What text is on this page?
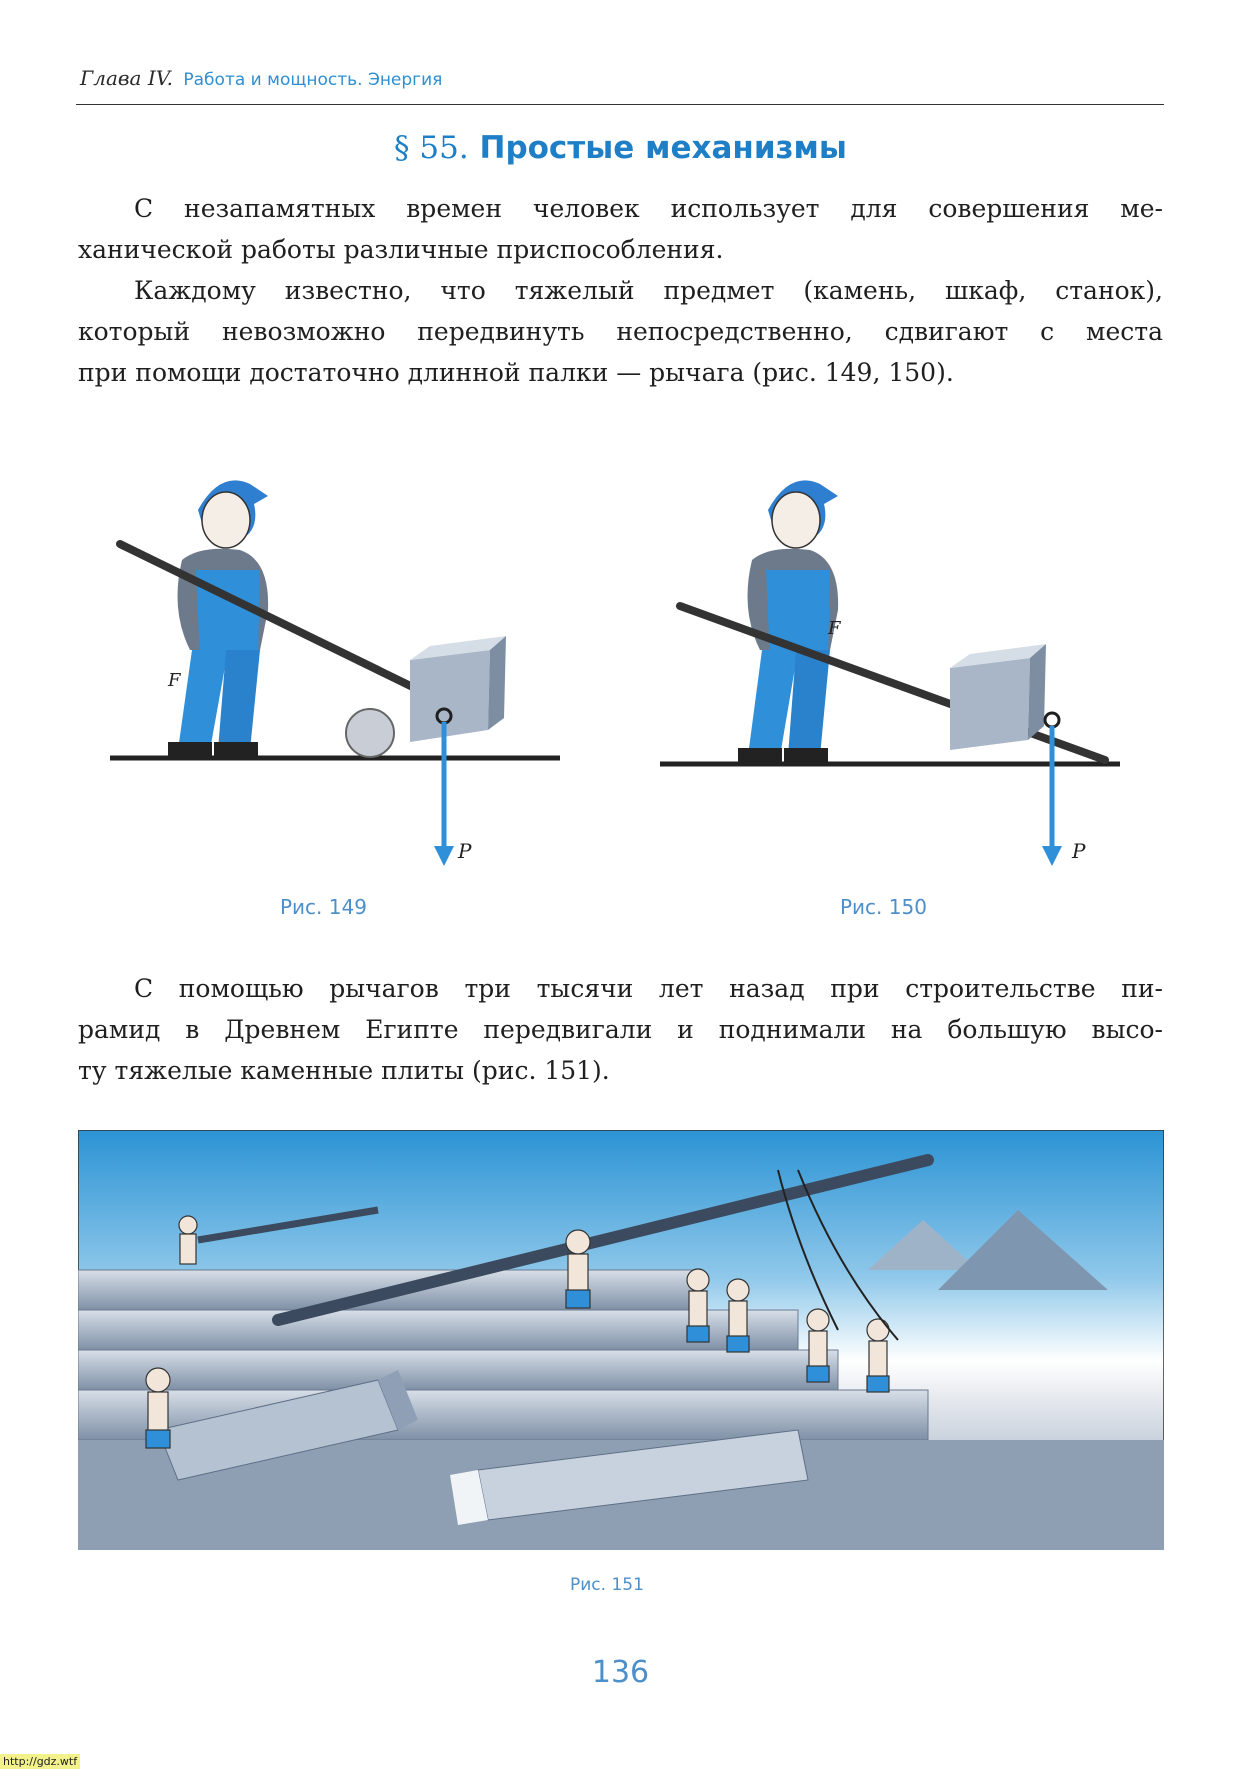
Глава IV. Работа и мощность. Энергия
§ 55. Простые механизмы
С незапамятных времен человек использует для совершения ме-
ханической работы различные приспособления.
Каждому известно, что тяжелый предмет (камень, шкаф, станок),
который невозможно передвинуть непосредственно, сдвигают с места
при помощи достаточно длинной палки — рычага (рис. 149, 150).
P
F
Рис. 149
P
F
Рис. 150
С помощью рычагов три тысячи лет назад при строительстве пи-
рамид в Древнем Египте передвигали и поднимали на большую высо-
ту тяжелые каменные плиты (рис. 151).
Рис. 151
136
http://gdz.wtf
